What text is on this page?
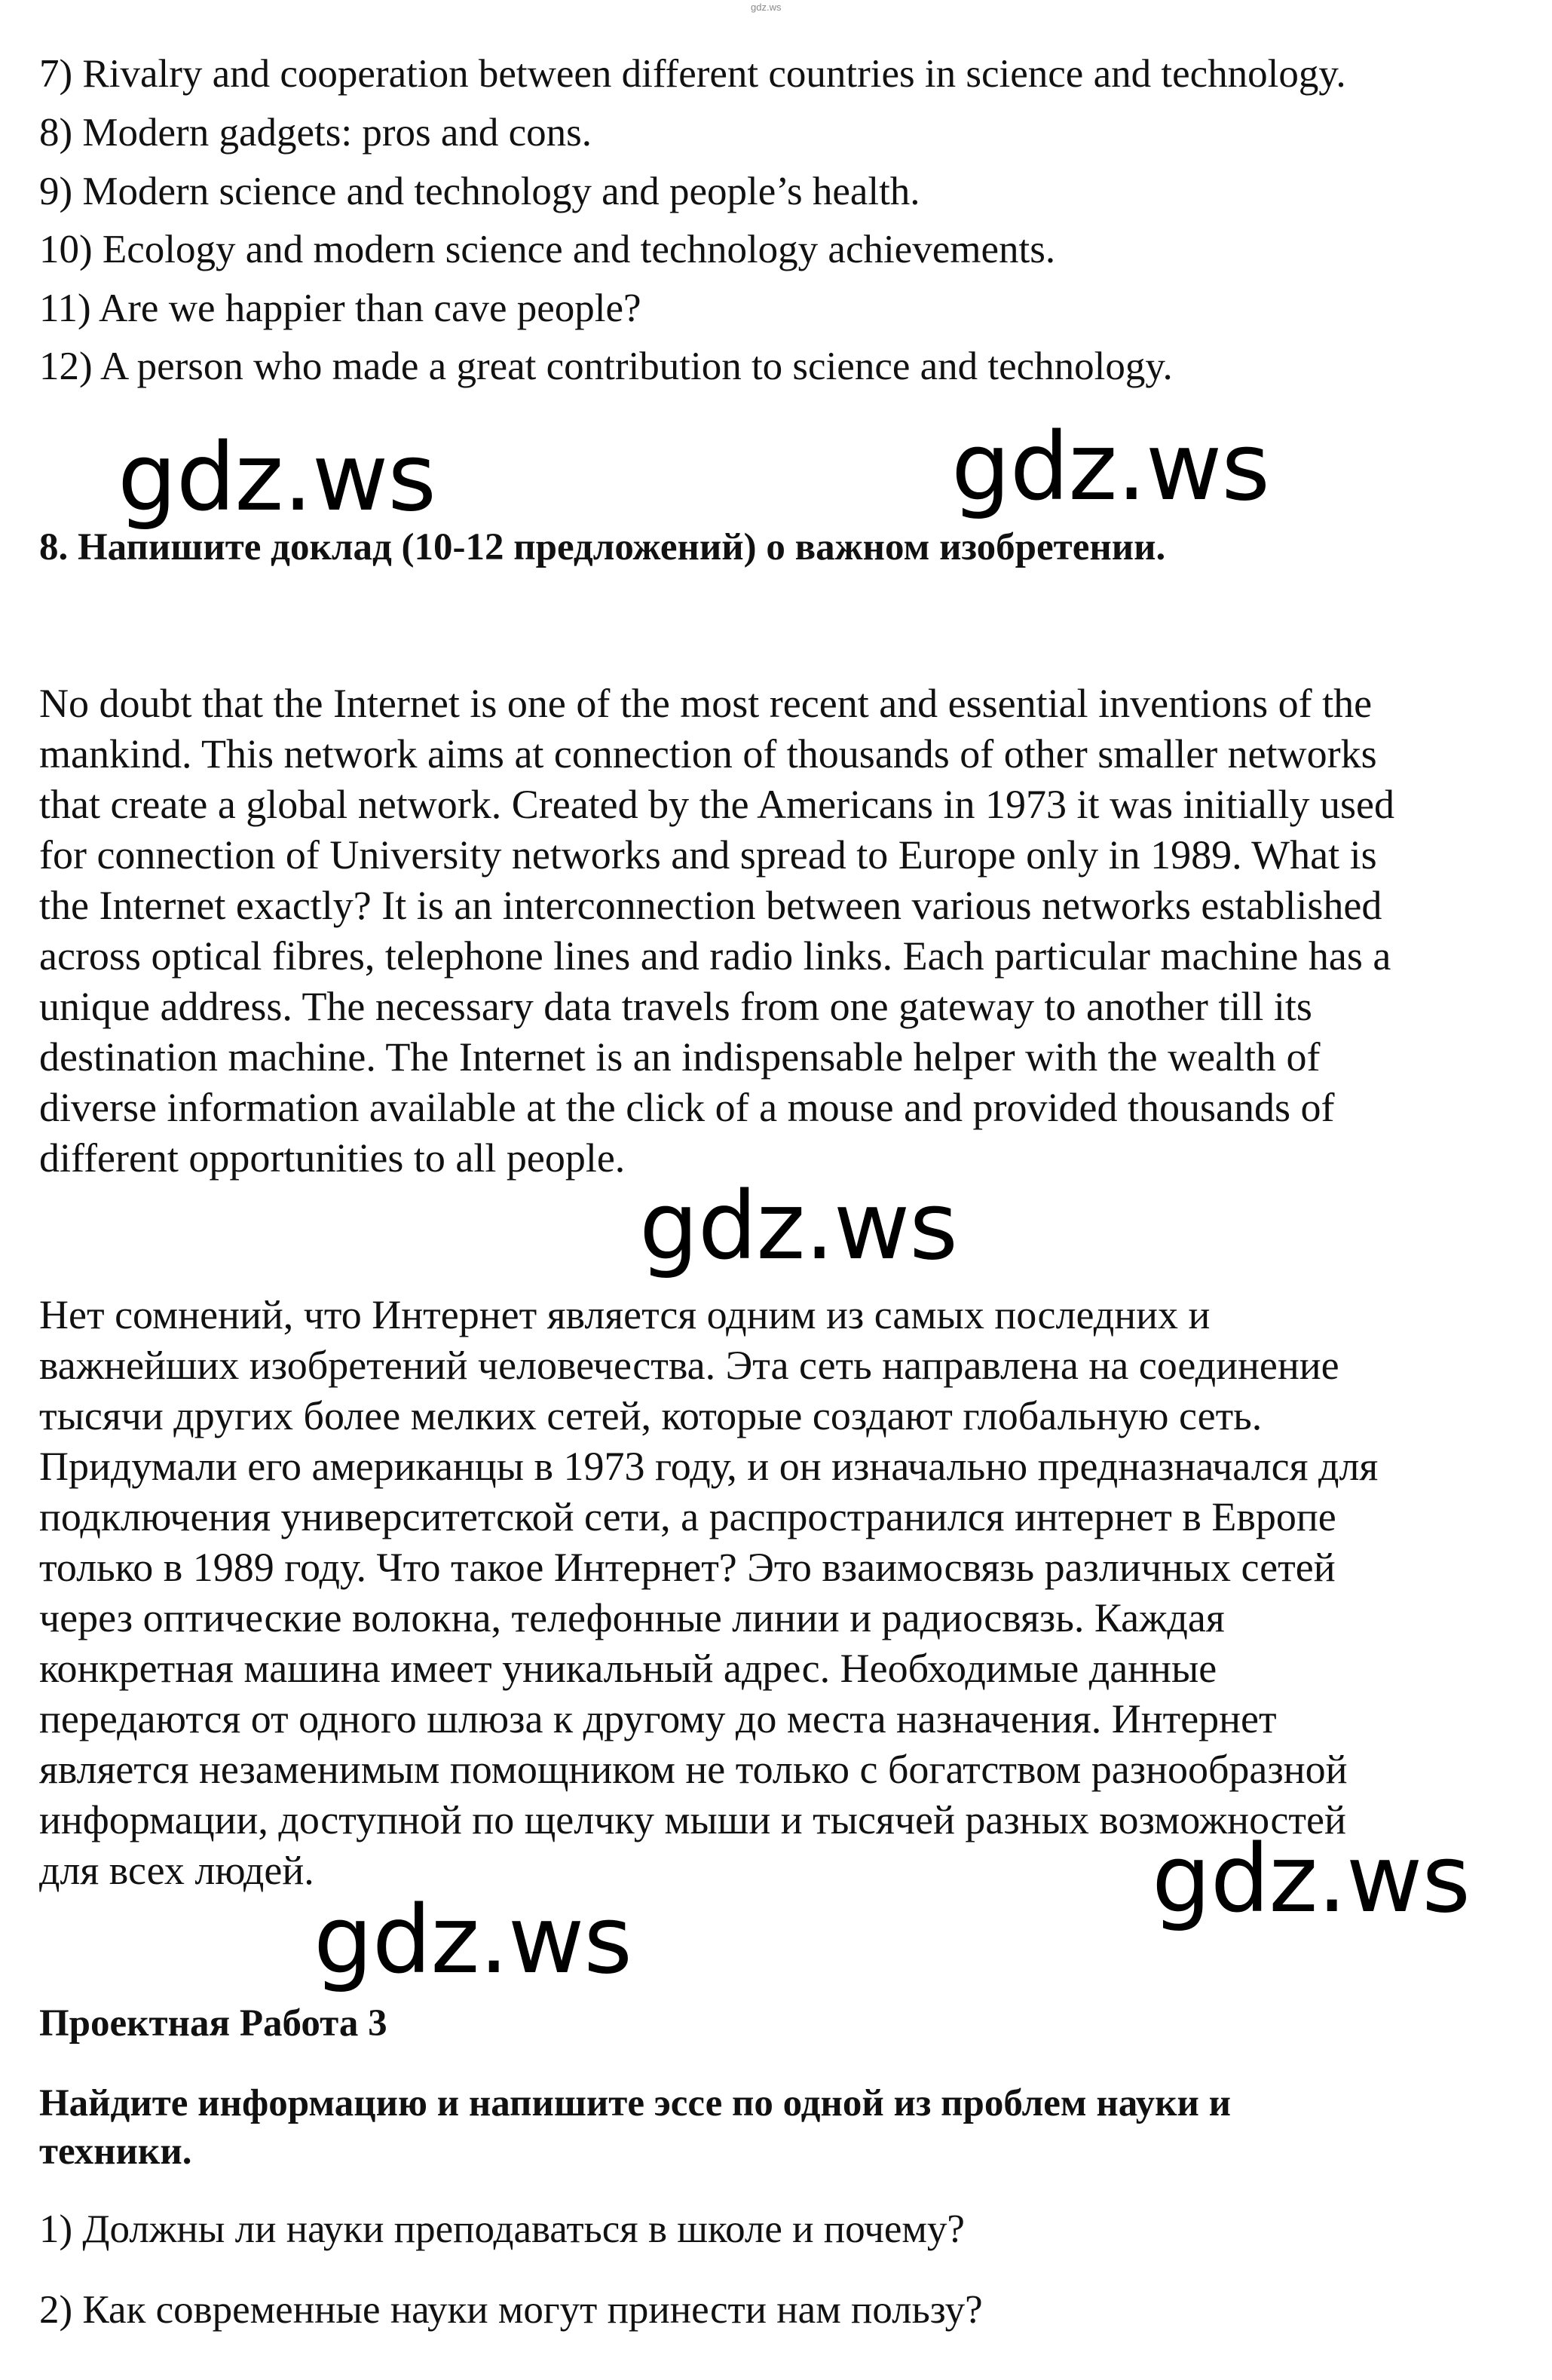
gdz.ws
7) Rivalry and cooperation between different countries in science and technology.
8) Modern gadgets: pros and cons.
9) Modern science and technology and people’s health.
10) Ecology and modern science and technology achievements.
11) Are we happier than cave people?
12) A person who made a great contribution to science and technology.
gdz.ws	gdz.ws
8. Напишите доклад (10-12 предложений) о важном изобретении.
No doubt that the Internet is one of the most recent and essential inventions of the
mankind. This network aims at connection of thousands of other smaller networks
that create a global network. Created by the Americans in 1973 it was initially used
for connection of University networks and spread to Europe only in 1989. What is
the Internet exactly? It is an interconnection between various networks established
across optical fibres, telephone lines and radio links. Each particular machine has a
unique address. The necessary data travels from one gateway to another till its
destination machine. The Internet is an indispensable helper with the wealth of
diverse information available at the click of a mouse and provided thousands of
different opportunities to all people.
gdz.ws
Нет сомнений, что Интернет является одним из самых последних и
важнейших изобретений человечества. Эта сеть направлена на соединение
тысячи других более мелких сетей, которые создают глобальную сеть.
Придумали его американцы в 1973 году, и он изначально предназначался для
подключения университетской сети, а распространился интернет в Европе
только в 1989 году. Что такое Интернет? Это взаимосвязь различных сетей
через оптические волокна, телефонные линии и радиосвязь. Каждая
конкретная машина имеет уникальный адрес. Необходимые данные
передаются от одного шлюза к другому до места назначения. Интернет
является незаменимым помощником не только с богатством разнообразной
информации, доступной по щелчку мыши и тысячей разных возможностей
для всех людей.	gdz.ws
gdz.ws
Проектная Работа 3
Найдите информацию и напишите эссе по одной из проблем науки и
техники.
1) Должны ли науки преподаваться в школе и почему?
2) Как современные науки могут принести нам пользу?
